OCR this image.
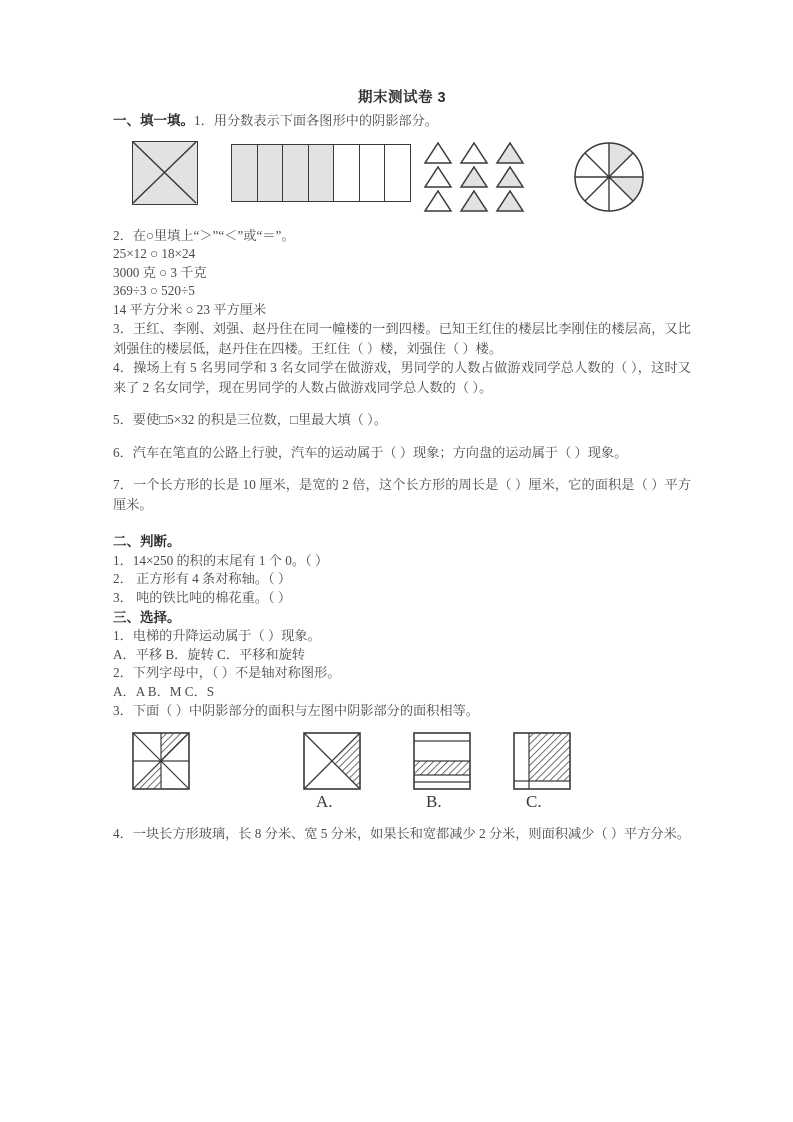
期末测试卷 3

一、填一填。1．用分数表示下面各图形中的阴影部分。

2．在○里填上“＞”“＜”或“＝”。

25×12 ○ 18×24

3000 克 ○ 3 千克

369÷3 ○ 520÷5

14 平方分米 ○ 23 平方厘米

3．王红、李刚、刘强、赵丹住在同一幢楼的一到四楼。已知王红住的楼层比李刚住的楼层高，又比刘强住的楼层低，赵丹住在四楼。王红住（ ）楼，刘强住（ ）楼。

4．操场上有 5 名男同学和 3 名女同学在做游戏，男同学的人数占做游戏同学总人数的（ ），这时又来了 2 名女同学，现在男同学的人数占做游戏同学总人数的（ ）。

5．要使□5×32 的积是三位数，□里最大填（ ）。

6．汽车在笔直的公路上行驶，汽车的运动属于（ ）现象；方向盘的运动属于（ ）现象。

7．一个长方形的长是 10 厘米，是宽的 2 倍，这个长方形的周长是（ ）厘米，它的面积是（ ）平方厘米。

二、判断。

1．14×250 的积的末尾有 1 个 0。（ ）

2． 正方形有 4 条对称轴。（ ）

3． 吨的铁比吨的棉花重。（ ）

三、选择。

1．电梯的升降运动属于（ ）现象。

A．平移 B．旋转 C．平移和旋转

2．下列字母中，（ ）不是轴对称图形。

A．A B．M C．S

3．下面（ ）中阴影部分的面积与左图中阴影部分的面积相等。

A.	B.	C.

4．一块长方形玻璃，长 8 分米、宽 5 分米，如果长和宽都减少 2 分米，则面积减少（ ）平方分米。
